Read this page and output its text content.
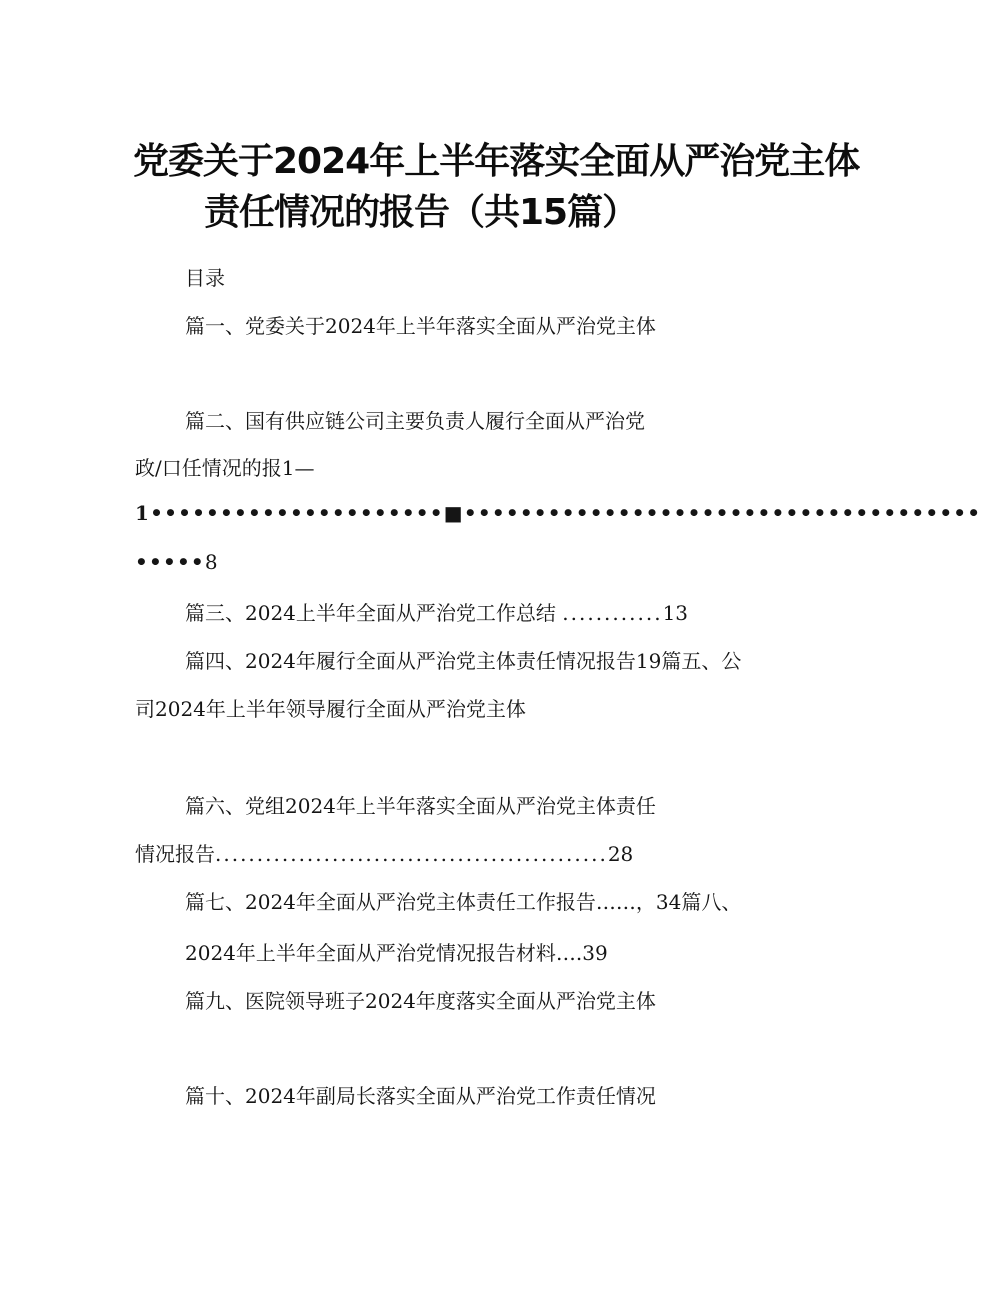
党委关于2024年上半年落实全面从严治党主体
责任情况的报告（共15篇）
目录
篇一、党委关于2024年上半年落实全面从严治党主体
篇二、国有供应链公司主要负责人履行全面从严治党
政/口任情况的报1—
1•••••••••••••••••••••■•••••••••••••••••••••••••••••••••••••
•••••8
篇三、2024上半年全面从严治党工作总结 ............13
篇四、2024年履行全面从严治党主体责任情况报告19篇五、公
司2024年上半年领导履行全面从严治党主体
篇六、党组2024年上半年落实全面从严治党主体责任
情况报告...............................................28
篇七、2024年全面从严治党主体责任工作报告……，34篇八、
2024年上半年全面从严治党情况报告材料….39
篇九、医院领导班子2024年度落实全面从严治党主体
篇十、2024年副局长落实全面从严治党工作责任情况
